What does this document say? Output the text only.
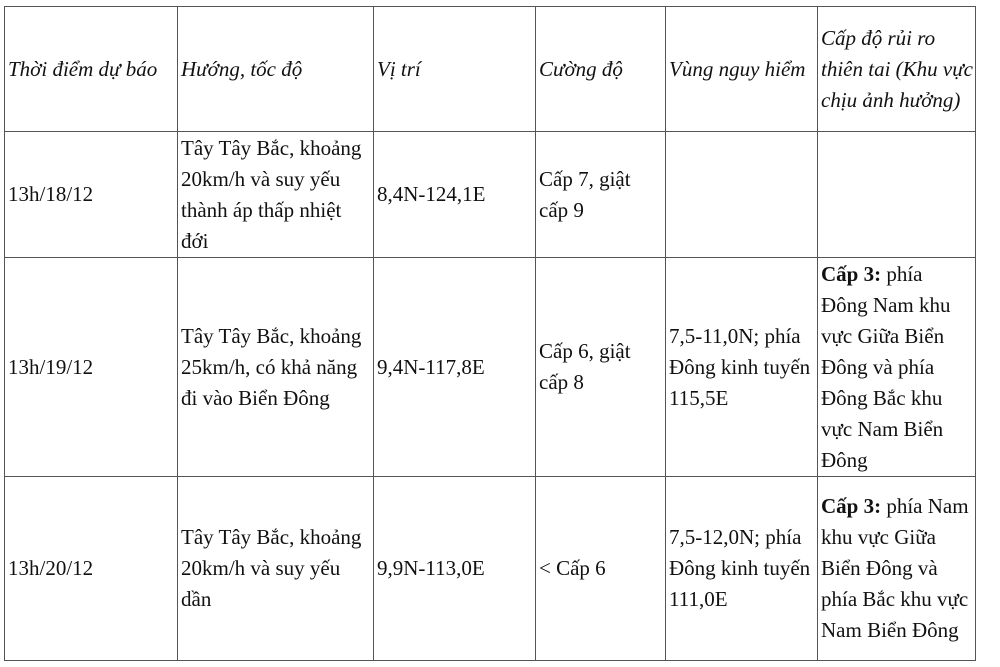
Thời điểm dự báo	Hướng, tốc độ	Vị trí	Cường độ	Vùng nguy hiểm	Cấp độ rủi ro thiên tai (Khu vực chịu ảnh hưởng)
13h/18/12	Tây Tây Bắc, khoảng 20km/h và suy yếu thành áp thấp nhiệt đới	8,4N-124,1E	Cấp 7, giật cấp 9		
13h/19/12	Tây Tây Bắc, khoảng 25km/h, có khả năng đi vào Biển Đông	9,4N-117,8E	Cấp 6, giật cấp 8	7,5-11,0N; phía Đông kinh tuyến 115,5E	Cấp 3: phía Đông Nam khu vực Giữa Biển Đông và phía Đông Bắc khu vực Nam Biển Đông
13h/20/12	Tây Tây Bắc, khoảng 20km/h và suy yếu dần	9,9N-113,0E	< Cấp 6	7,5-12,0N; phía Đông kinh tuyến 111,0E	Cấp 3: phía Nam khu vực Giữa Biển Đông và phía Bắc khu vực Nam Biển Đông
